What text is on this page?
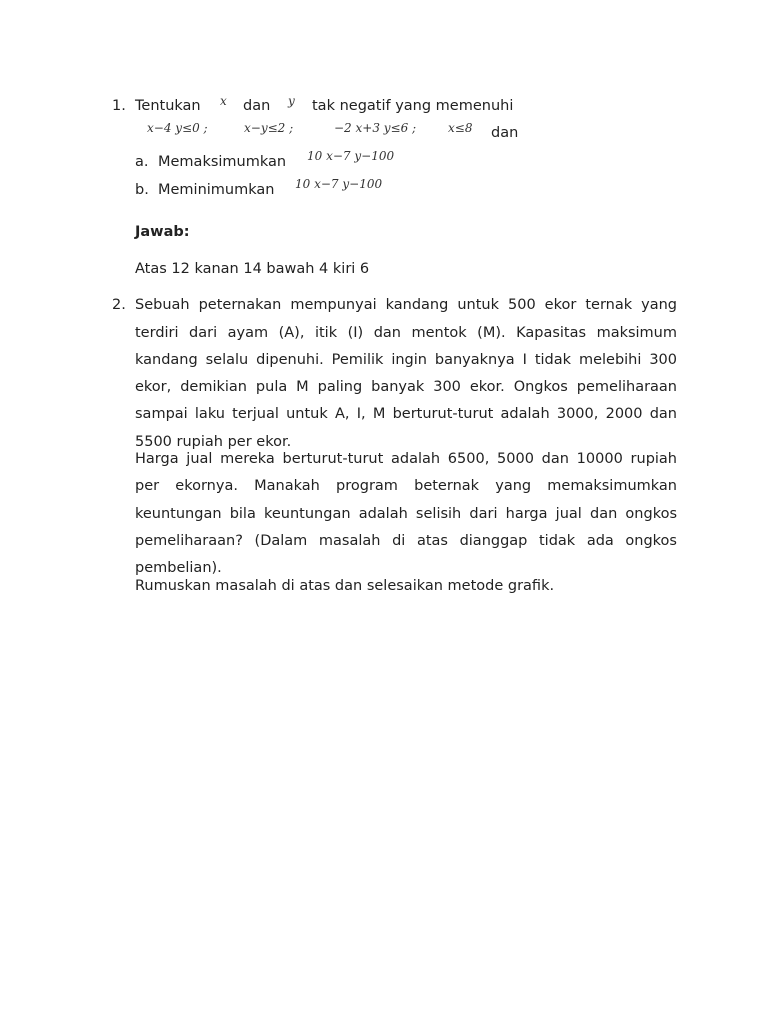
1. Tentukan x dan y tak negatif yang memenuhi
x−4 y≤0 ;	x−y≤2 ;	−2 x+3 y≤6 ;	x≤8 dan
a. Memaksimumkan 10 x−7 y−100
b. Meminimumkan 10 x−7 y−100
Jawab:
Atas 12 kanan 14 bawah 4 kiri 6
2. Sebuah peternakan mempunyai kandang untuk 500 ekor ternak yang
terdiri dari ayam (A), itik (I) dan mentok (M). Kapasitas maksimum
kandang selalu dipenuhi. Pemilik ingin banyaknya I tidak melebihi 300
ekor, demikian pula M paling banyak 300 ekor. Ongkos pemeliharaan
sampai laku terjual untuk A, I, M berturut-turut adalah 3000, 2000 dan
5500 rupiah per ekor.
Harga jual mereka berturut-turut adalah 6500, 5000 dan 10000 rupiah
per ekornya. Manakah program beternak yang memaksimumkan
keuntungan bila keuntungan adalah selisih dari harga jual dan ongkos
pemeliharaan? (Dalam masalah di atas dianggap tidak ada ongkos
pembelian).
Rumuskan masalah di atas dan selesaikan metode grafik.
